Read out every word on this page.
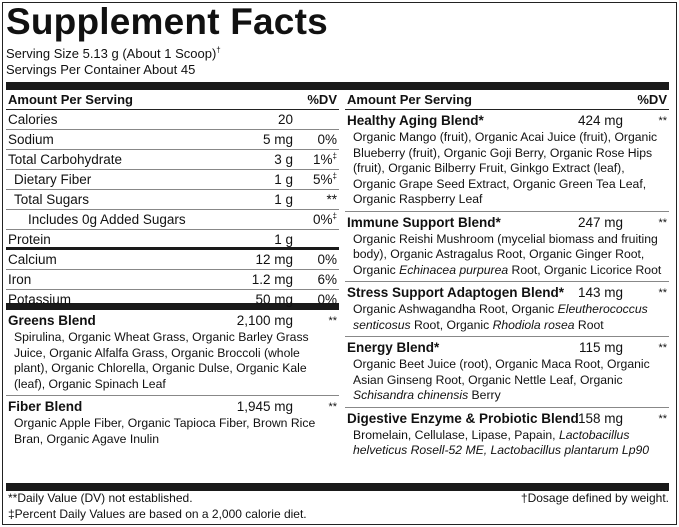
Supplement Facts
Serving Size 5.13 g (About 1 Scoop)†
Servings Per Container About 45
Amount Per Serving	%DV
Calories	20
Sodium	5 mg 0%
Total Carbohydrate	3 g 1%‡
Dietary Fiber	1 g 5%‡
Total Sugars	1 g **
Includes 0g Added Sugars	0%‡
Protein	1 g
Calcium	12 mg 0%
Iron	1.2 mg 6%
Potassium	50 mg 0%
Greens Blend	2,100 mg	**
Spirulina, Organic Wheat Grass, Organic Barley Grass Juice, Organic Alfalfa Grass, Organic Broccoli (whole plant), Organic Chlorella, Organic Dulse, Organic Kale (leaf), Organic Spinach Leaf
Fiber Blend	1,945 mg	**
Organic Apple Fiber, Organic Tapioca Fiber, Brown Rice Bran, Organic Agave Inulin
Amount Per Serving	%DV
Healthy Aging Blend*	424 mg	**
Organic Mango (fruit), Organic Acai Juice (fruit), Organic Blueberry (fruit), Organic Goji Berry, Organic Rose Hips (fruit), Organic Bilberry Fruit, Ginkgo Extract (leaf), Organic Grape Seed Extract, Organic Green Tea Leaf, Organic Raspberry Leaf
Immune Support Blend*	247 mg	**
Organic Reishi Mushroom (mycelial biomass and fruiting body), Organic Astragalus Root, Organic Ginger Root, Organic Echinacea purpurea Root, Organic Licorice Root
Stress Support Adaptogen Blend*	143 mg	**
Organic Ashwagandha Root, Organic Eleutherococcus senticosus Root, Organic Rhodiola rosea Root
Energy Blend*	115 mg	**
Organic Beet Juice (root), Organic Maca Root, Organic Asian Ginseng Root, Organic Nettle Leaf, Organic Schisandra chinensis Berry
Digestive Enzyme & Probiotic Blend 158 mg	**
Bromelain, Cellulase, Lipase, Papain, Lactobacillus helveticus Rosell-52 ME, Lactobacillus plantarum Lp90
**Daily Value (DV) not established.
‡Percent Daily Values are based on a 2,000 calorie diet.
†Dosage defined by weight.
